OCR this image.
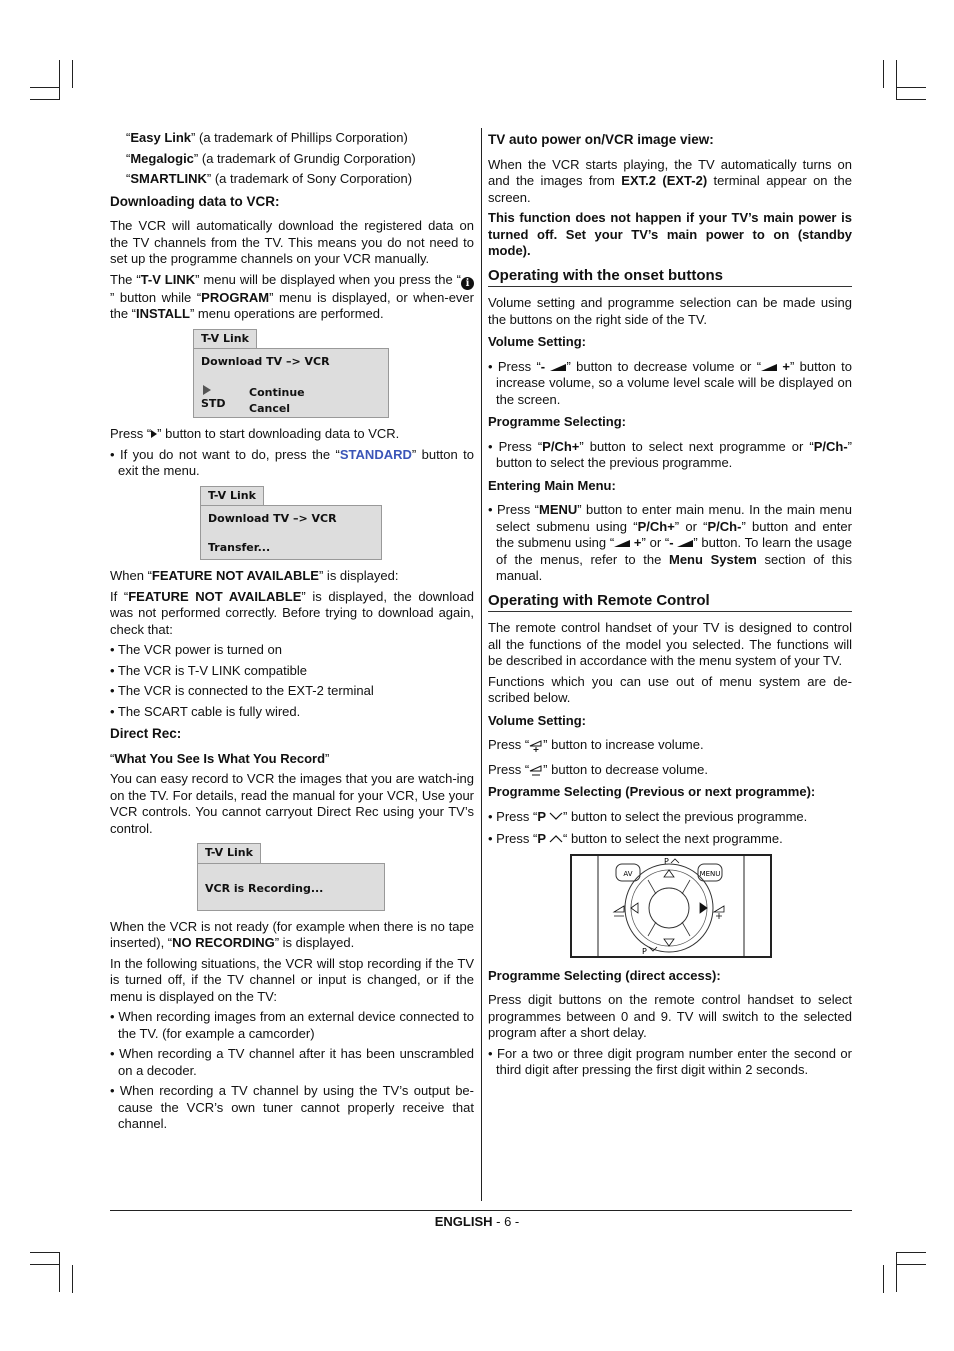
“Easy Link” (a trademark of Phillips Corporation)

“Megalogic” (a trademark of Grundig Corporation)

“SMARTLINK” (a trademark of Sony Corporation)

Downloading data to VCR:

The VCR will automatically download the registered data on the TV channels from the TV. This means you do not need to set up the programme channels on your VCR manually.

The “T-V LINK” menu will be displayed when you press the “ i” button while “PROGRAM” menu is displayed, or when-ever the “INSTALL” menu operations are performed.

T-V Link
Download TV –> VCR
STD
Continue
Cancel

Press “ ” button to start downloading data to VCR.

• If you do not want to do, press the “STANDARD” button to exit the menu.

T-V Link
Download TV –> VCR
Transfer...

When “FEATURE NOT AVAILABLE” is displayed:

If “FEATURE NOT AVAILABLE” is displayed, the download was not performed correctly. Before trying to download again, check that:

• The VCR power is turned on

• The VCR is T-V LINK compatible

• The VCR is connected to the EXT-2 terminal

• The SCART cable is fully wired.

Direct Rec:

“What You See Is What You Record”

You can easy record to VCR the images that you are watch-ing on the TV. For details, read the manual for your VCR, Use your VCR controls. You cannot carryout Direct Rec using your TV’s control.

T-V Link
VCR is Recording...

When the VCR is not ready (for example when there is no tape inserted), “NO RECORDING” is displayed.

In the following situations, the VCR will stop recording if the TV is turned off, if the TV channel or input is changed, or if the menu is displayed on the TV:

• When recording images from an external device connected to the TV. (for example a camcorder)

• When recording a TV channel after it has been unscrambled on a decoder.

• When recording a TV channel by using the TV’s output be-cause the VCR’s own tuner cannot properly receive that channel.

TV auto power on/VCR image view:

When the VCR starts playing, the TV automatically turns on and the images from EXT.2 (EXT-2) terminal appear on the screen.

This function does not happen if your TV’s main power is turned off. Set your TV’s main power to on (standby mode).

Operating with the onset buttons

Volume setting and programme selection can be made using the buttons on the right side of the TV.

Volume Setting:

• Press “- ” button to decrease volume or “ +” button to increase volume, so a volume level scale will be displayed on the screen.

Programme Selecting:

• Press “P/Ch+” button to select next programme or “P/Ch-” button to select the previous programme.

Entering Main Menu:

• Press “MENU” button to enter main menu. In the main menu select submenu using “P/Ch+” or “P/Ch-” button and enter the submenu using “ +” or “- ” button. To learn the usage of the menus, refer to the Menu System section of this manual.

Operating with Remote Control

The remote control handset of your TV is designed to control all the functions of the model you selected. The functions will be described in accordance with the menu system of your TV.

Functions which you can use out of menu system are de-scribed below.

Volume Setting:

Press “ ” button to increase volume.

Press “ ” button to decrease volume.

Programme Selecting (Previous or next programme):

• Press “P ” button to select the previous programme.

• Press “P “ button to select the next programme.

AV	MENU
P
P
Programme Selecting (direct access):

Press digit buttons on the remote control handset to select programmes between 0 and 9. TV will switch to the selected program after a short delay.

• For a two or three digit program number enter the second or third digit after pressing the first digit within 2 seconds.

ENGLISH - 6 -
